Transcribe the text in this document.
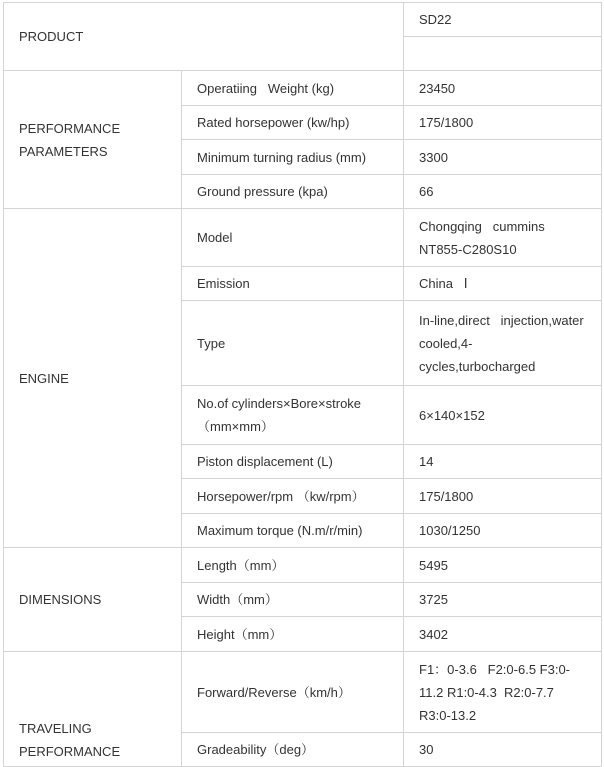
PRODUCT		SD22

PERFORMANCE
PARAMETERS	Operatiing   Weight (kg)	23450
	Rated horsepower (kw/hp)	175/1800
	Minimum turning radius (mm)	3300
	Ground pressure (kpa)	66
ENGINE	Model	Chongqing   cummins
NT855-C280S10
	Emission	China   Ⅰ
	Type	In-line,direct   injection,water
cooled,4-
cycles,turbocharged
	No.of cylinders×Bore×stroke
（mm×mm）	6×140×152
	Piston displacement (L)	14
	Horsepower/rpm （kw/rpm）	175/1800
	Maximum torque (N.m/r/min)	1030/1250
DIMENSIONS	Length（mm）	5495
	Width（mm）	3725
	Height（mm）	3402
TRAVELING
PERFORMANCE	Forward/Reverse（km/h）	F1：0-3.6   F2:0-6.5 F3:0-
11.2 R1:0-4.3  R2:0-7.7
R3:0-13.2
	Gradeability（deg）	30
